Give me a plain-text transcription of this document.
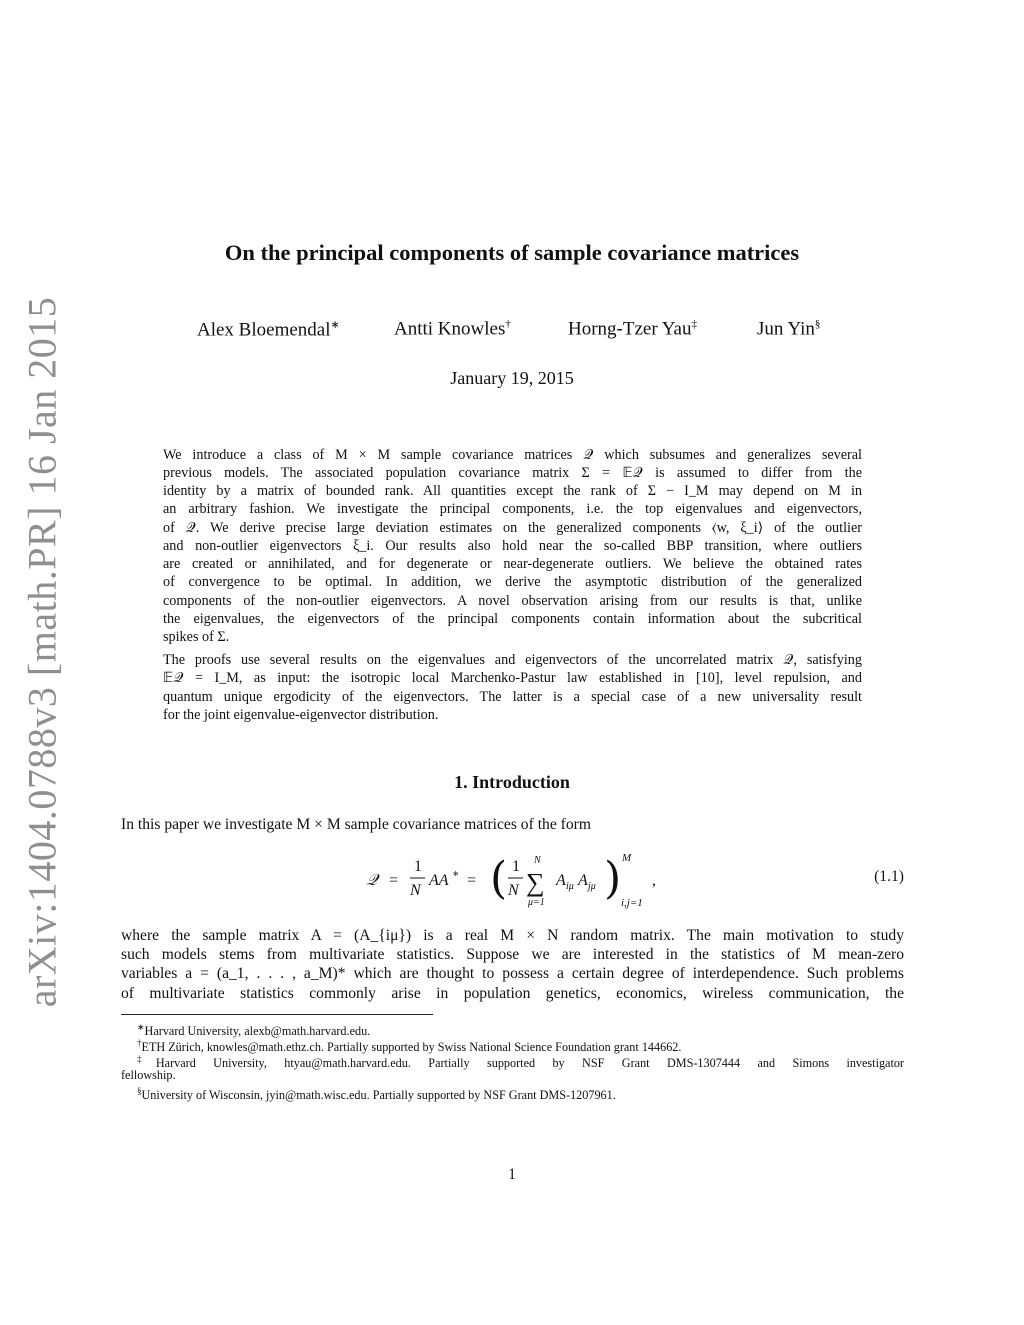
arXiv:1404.0788v3 [math.PR] 16 Jan 2015
On the principal components of sample covariance matrices
Alex Bloemendal∗	Antti Knowles†	Horng-Tzer Yau‡	Jun Yin§
January 19, 2015
We introduce a class of M × M sample covariance matrices 𝒬 which subsumes and generalizes several
previous models. The associated population covariance matrix Σ = 𝔼𝒬 is assumed to differ from the
identity by a matrix of bounded rank. All quantities except the rank of Σ − I_M may depend on M in
an arbitrary fashion. We investigate the principal components, i.e. the top eigenvalues and eigenvectors,
of 𝒬. We derive precise large deviation estimates on the generalized components ⟨w, ξ_i⟩ of the outlier
and non-outlier eigenvectors ξ_i. Our results also hold near the so-called BBP transition, where outliers
are created or annihilated, and for degenerate or near-degenerate outliers. We believe the obtained rates
of convergence to be optimal. In addition, we derive the asymptotic distribution of the generalized
components of the non-outlier eigenvectors. A novel observation arising from our results is that, unlike
the eigenvalues, the eigenvectors of the principal components contain information about the subcritical
spikes of Σ.
The proofs use several results on the eigenvalues and eigenvectors of the uncorrelated matrix 𝒬, satisfying
𝔼𝒬 = I_M, as input: the isotropic local Marchenko-Pastur law established in [10], level repulsion, and
quantum unique ergodicity of the eigenvectors. The latter is a special case of a new universality result
for the joint eigenvalue-eigenvector distribution.
1. Introduction
In this paper we investigate M × M sample covariance matrices of the form
𝒬 =
1
N
AA ∗ = ( 1
N
N
∑
μ=1
A iμ A jμ ) M
i,j=1
,	(1.1)
where the sample matrix A = (A_{iμ}) is a real M × N random matrix. The main motivation to study
such models stems from multivariate statistics. Suppose we are interested in the statistics of M mean-zero
variables a = (a_1, . . . , a_M)* which are thought to possess a certain degree of interdependence. Such problems
of multivariate statistics commonly arise in population genetics, economics, wireless communication, the
∗Harvard University, alexb@math.harvard.edu.
†ETH Zürich, knowles@math.ethz.ch. Partially supported by Swiss National Science Foundation grant 144662.
‡Harvard University, htyau@math.harvard.edu. Partially supported by NSF Grant DMS-1307444 and Simons investigator
fellowship.
§University of Wisconsin, jyin@math.wisc.edu. Partially supported by NSF Grant DMS-1207961.
1
